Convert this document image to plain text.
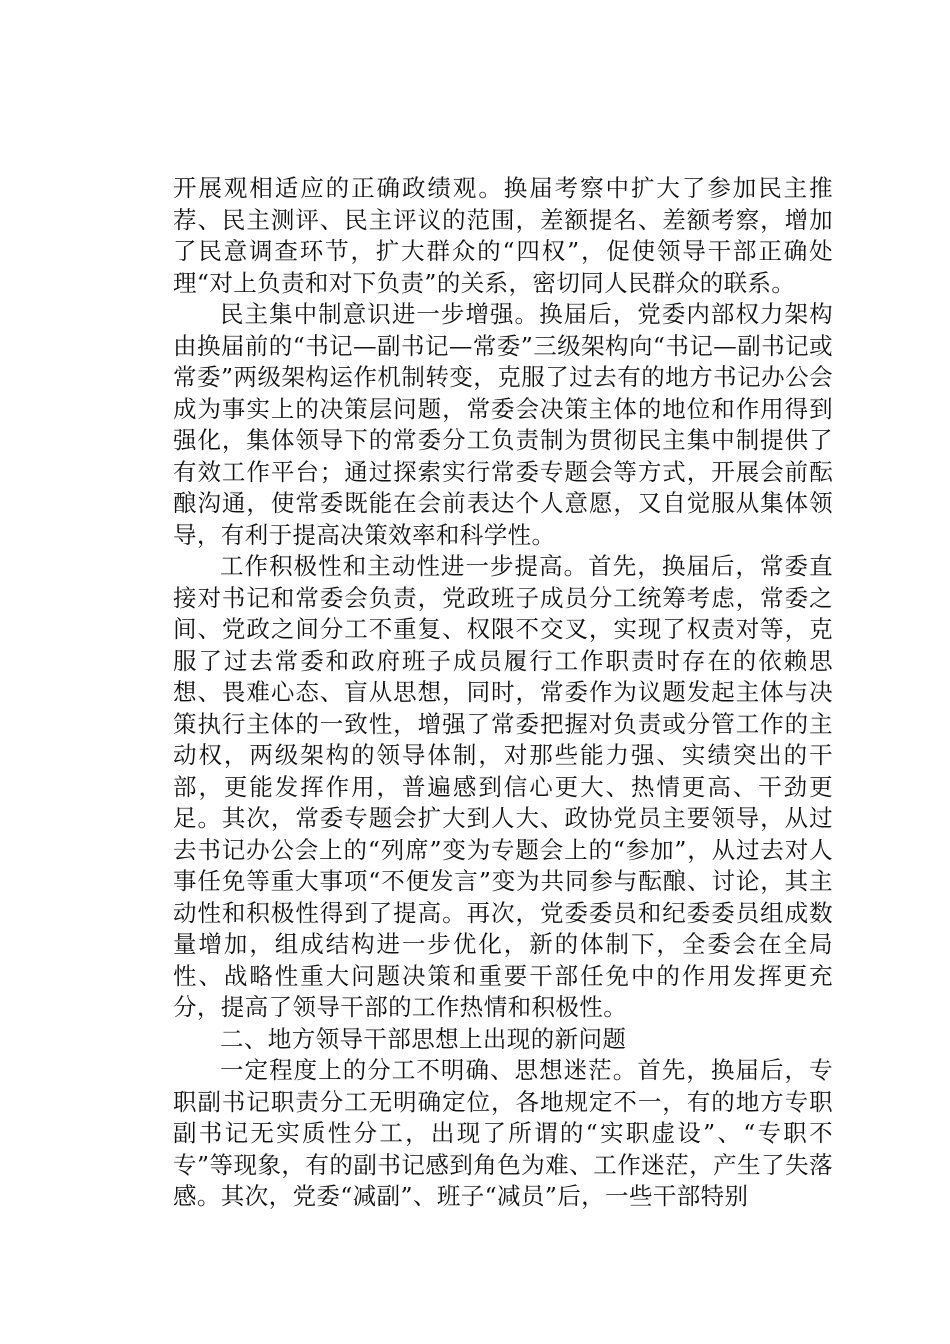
开展观相适应的正确政绩观。换届考察中扩大了参加民主推荐、民主测评、民主评议的范围，差额提名、差额考察，增加了民意调查环节，扩大群众的“四权”，促使领导干部正确处理“对上负责和对下负责”的关系，密切同人民群众的联系。

民主集中制意识进一步增强。换届后，党委内部权力架构由换届前的“书记—副书记—常委”三级架构向“书记—副书记或常委”两级架构运作机制转变，克服了过去有的地方书记办公会成为事实上的决策层问题，常委会决策主体的地位和作用得到强化，集体领导下的常委分工负责制为贯彻民主集中制提供了有效工作平台；通过探索实行常委专题会等方式，开展会前酝酿沟通，使常委既能在会前表达个人意愿，又自觉服从集体领导，有利于提高决策效率和科学性。

工作积极性和主动性进一步提高。首先，换届后，常委直接对书记和常委会负责，党政班子成员分工统筹考虑，常委之间、党政之间分工不重复、权限不交叉，实现了权责对等，克服了过去常委和政府班子成员履行工作职责时存在的依赖思想、畏难心态、盲从思想，同时，常委作为议题发起主体与决策执行主体的一致性，增强了常委把握对负责或分管工作的主动权，两级架构的领导体制，对那些能力强、实绩突出的干部，更能发挥作用，普遍感到信心更大、热情更高、干劲更足。其次，常委专题会扩大到人大、政协党员主要领导，从过去书记办公会上的“列席”变为专题会上的“参加”，从过去对人事任免等重大事项“不便发言”变为共同参与酝酿、讨论，其主动性和积极性得到了提高。再次，党委委员和纪委委员组成数量增加，组成结构进一步优化，新的体制下，全委会在全局性、战略性重大问题决策和重要干部任免中的作用发挥更充分，提高了领导干部的工作热情和积极性。

二、地方领导干部思想上出现的新问题

一定程度上的分工不明确、思想迷茫。首先，换届后，专职副书记职责分工无明确定位，各地规定不一，有的地方专职副书记无实质性分工，出现了所谓的“实职虚设”、“专职不专”等现象，有的副书记感到角色为难、工作迷茫，产生了失落感。其次，党委“减副”、班子“减员”后，一些干部特别
